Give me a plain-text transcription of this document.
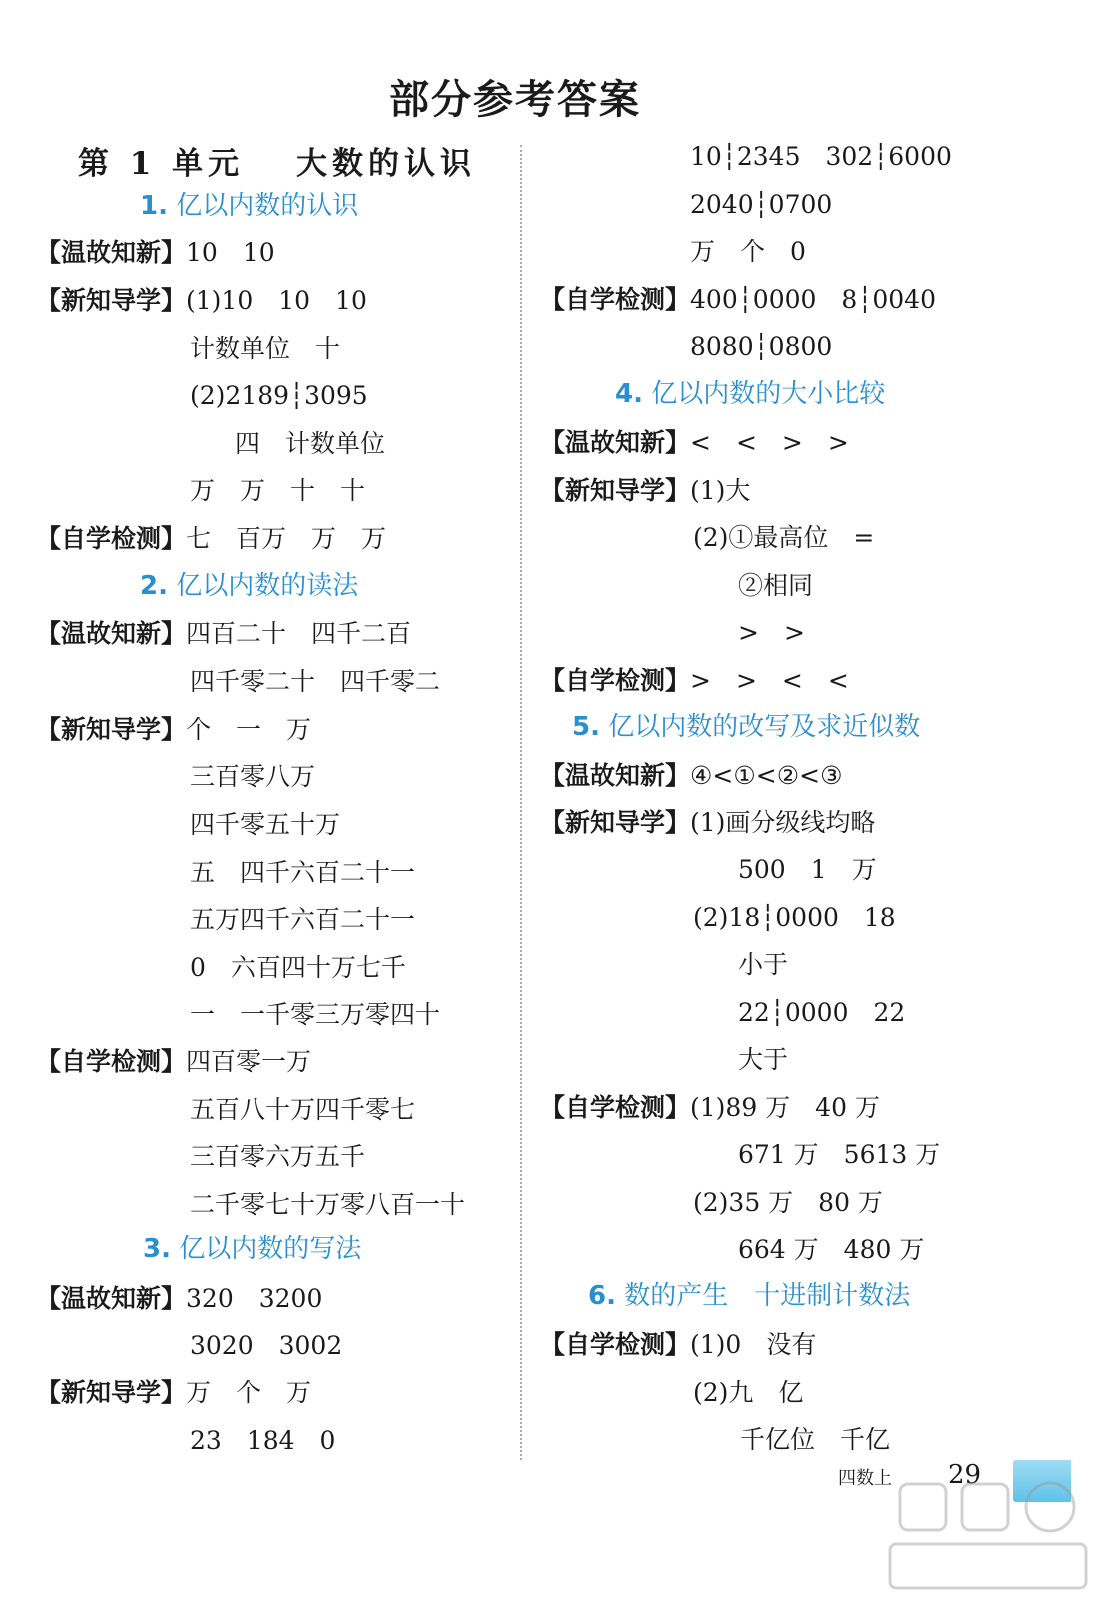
部分参考答案
第 1 单元　 大数的认识
1. 亿以内数的认识
【温故知新】10　10
【新知导学】(1)10　10　10
计数单位　十
(2)2189┆3095
四　计数单位
万　万　十　十
【自学检测】七　百万　万　万
2. 亿以内数的读法
【温故知新】四百二十　四千二百
四千零二十　四千零二
【新知导学】个　一　万
三百零八万
四千零五十万
五　四千六百二十一
五万四千六百二十一
0　六百四十万七千
一　一千零三万零四十
【自学检测】四百零一万
五百八十万四千零七
三百零六万五千
二千零七十万零八百一十
3. 亿以内数的写法
【温故知新】320　3200
3020　3002
【新知导学】万　个　万
23　184　0
10┆2345　302┆6000
2040┆0700
万　个　0
【自学检测】400┆0000　8┆0040
8080┆0800
4. 亿以内数的大小比较
【温故知新】<　<　>　>
【新知导学】(1)大
(2)①最高位　=
②相同
>　>
【自学检测】>　>　<　<
5. 亿以内数的改写及求近似数
【温故知新】④<①<②<③
【新知导学】(1)画分级线均略
500　1　万
(2)18┆0000　18
小于
22┆0000　22
大于
【自学检测】(1)89 万　40 万
671 万　5613 万
(2)35 万　80 万
664 万　480 万
6. 数的产生　十进制计数法
【自学检测】(1)0　没有
(2)九　亿
千亿位　千亿
四数上 29
